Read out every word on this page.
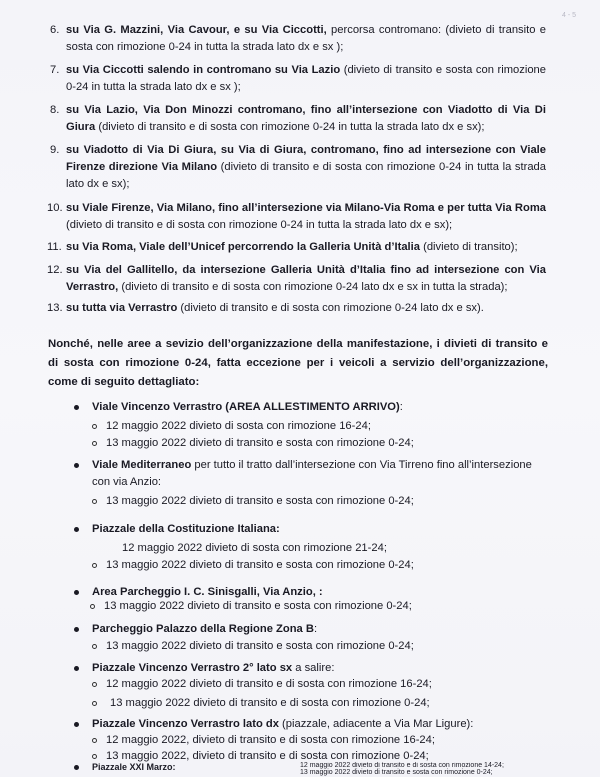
4 - 5
6. su Via G. Mazzini, Via Cavour, e su Via Ciccotti, percorsa contromano: (divieto di transito e sosta con rimozione 0-24 in tutta la strada lato dx e sx );
7. su Via Ciccotti salendo in contromano su Via Lazio (divieto di transito e sosta con rimozione 0-24 in tutta la strada lato dx e sx );
8. su Via Lazio, Via Don Minozzi contromano, fino all’intersezione con Viadotto di Via Di Giura (divieto di transito e di sosta con rimozione 0-24 in tutta la strada lato dx e sx);
9. su Viadotto di Via Di Giura, su Via di Giura, contromano, fino ad intersezione con Viale Firenze direzione Via Milano (divieto di transito e di sosta con rimozione 0-24 in tutta la strada lato dx e sx);
10. su Viale Firenze, Via Milano, fino all’intersezione via Milano-Via Roma e per tutta Via Roma (divieto di transito e di sosta con rimozione 0-24 in tutta la strada lato dx e sx);
11. su Via Roma, Viale dell’Unicef percorrendo la Galleria Unità d’Italia (divieto di transito);
12. su Via del Gallitello, da intersezione Galleria Unità d’Italia fino ad intersezione con Via Verrastro, (divieto di transito e di sosta con rimozione 0-24 lato dx e sx in tutta la strada);
13. su tutta via Verrastro (divieto di transito e di sosta con rimozione 0-24 lato dx e sx).
Nonché, nelle aree a sevizio dell’organizzazione della manifestazione, i divieti di transito e di sosta con rimozione 0-24, fatta eccezione per i veicoli a servizio dell’organizzazione, come di seguito dettagliato:
Viale Vincenzo Verrastro (AREA ALLESTIMENTO ARRIVO):
12 maggio 2022 divieto di sosta con rimozione 16-24;
13 maggio 2022 divieto di transito e sosta con rimozione 0-24;
Viale Mediterraneo per tutto il tratto dall’intersezione con Via Tirreno fino all’intersezione con via Anzio:
13 maggio 2022 divieto di transito e sosta con rimozione 0-24;
Piazzale della Costituzione Italiana:
12 maggio 2022 divieto di sosta con rimozione 21-24;
13 maggio 2022 divieto di transito e sosta con rimozione 0-24;
Area Parcheggio I. C. Sinisgalli, Via Anzio, :
13 maggio 2022 divieto di transito e sosta con rimozione 0-24;
Parcheggio Palazzo della Regione Zona B:
13 maggio 2022 divieto di transito e sosta con rimozione 0-24;
Piazzale Vincenzo Verrastro 2° lato sx a salire:
12 maggio 2022 divieto di transito e di sosta con rimozione 16-24;
13 maggio 2022 divieto di transito e di sosta con rimozione 0-24;
Piazzale Vincenzo Verrastro lato dx (piazzale, adiacente a Via Mar Ligure):
12 maggio 2022, divieto di transito e di sosta con rimozione 16-24;
13 maggio 2022, divieto di transito e di sosta con rimozione 0-24;
Piazzale XXI Marzo:	12 maggio 2022 divieto di transito e di sosta con rimozione 14-24;
13 maggio 2022 divieto di transito e sosta con rimozione 0-24;
